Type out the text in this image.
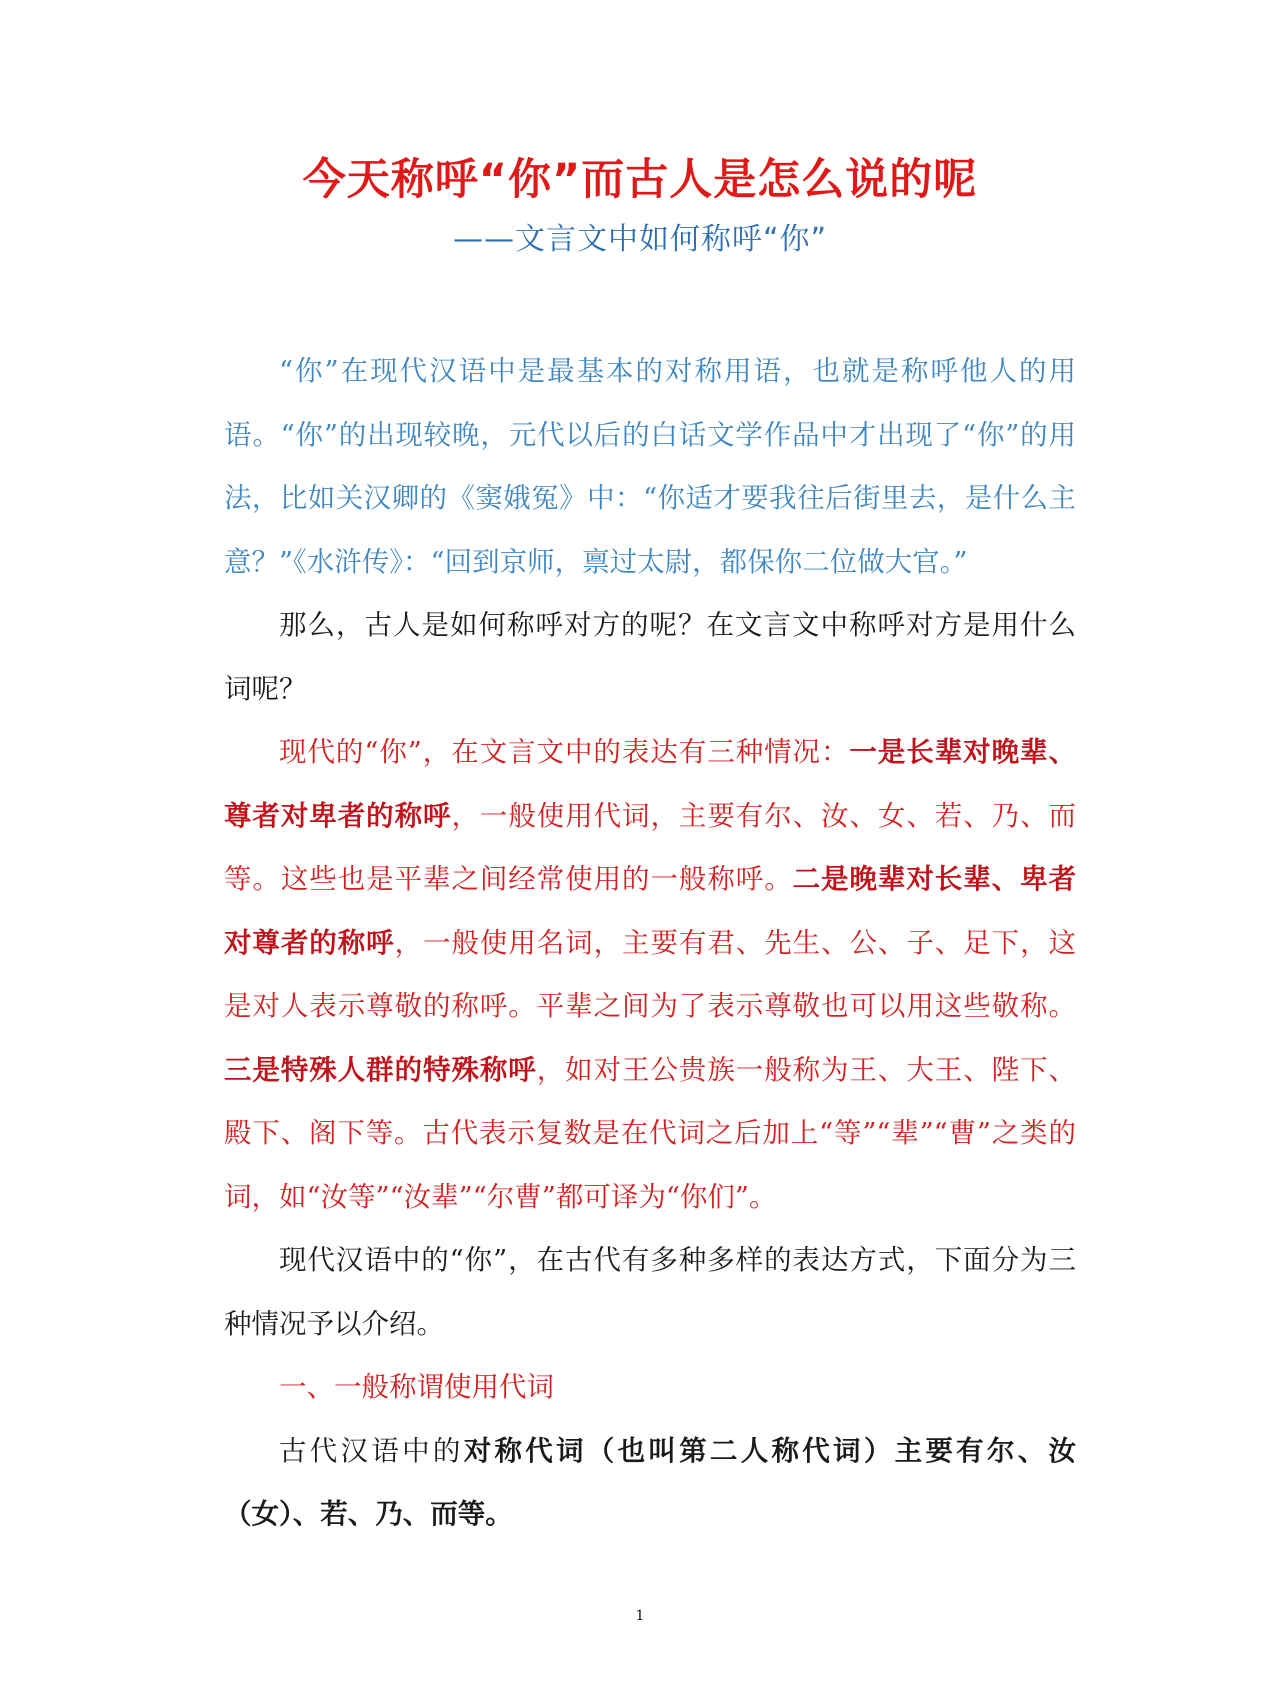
今天称呼“你”而古人是怎么说的呢
——文言文中如何称呼“你”

“你”在现代汉语中是最基本的对称用语，也就是称呼他人的用语。“你”的出现较晚，元代以后的白话文学作品中才出现了“你”的用法，比如关汉卿的《窦娥冤》中：“你适才要我往后街里去，是什么主意？”《水浒传》：“回到京师，禀过太尉，都保你二位做大官。”

那么，古人是如何称呼对方的呢？在文言文中称呼对方是用什么词呢？

现代的“你”，在文言文中的表达有三种情况：一是长辈对晚辈、尊者对卑者的称呼，一般使用代词，主要有尔、汝、女、若、乃、而等。这些也是平辈之间经常使用的一般称呼。二是晚辈对长辈、卑者对尊者的称呼，一般使用名词，主要有君、先生、公、子、足下，这是对人表示尊敬的称呼。平辈之间为了表示尊敬也可以用这些敬称。三是特殊人群的特殊称呼，如对王公贵族一般称为王、大王、陛下、殿下、阁下等。古代表示复数是在代词之后加上“等”“辈”“曹”之类的词，如“汝等”“汝辈”“尔曹”都可译为“你们”。

现代汉语中的“你”，在古代有多种多样的表达方式，下面分为三种情况予以介绍。

一、一般称谓使用代词

古代汉语中的对称代词（也叫第二人称代词）主要有尔、汝（女）、若、乃、而等。

1
